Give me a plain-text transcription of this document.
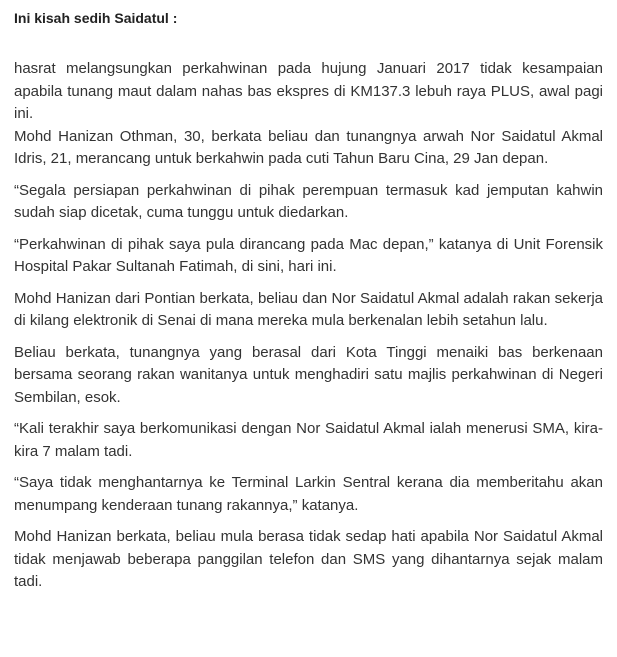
Ini kisah sedih Saidatul :

hasrat melangsungkan perkahwinan pada hujung Januari 2017 tidak kesampaian apabila tunang maut dalam nahas bas ekspres di KM137.3 lebuh raya PLUS, awal pagi ini.

Mohd Hanizan Othman, 30, berkata beliau dan tunangnya arwah Nor Saidatul Akmal Idris, 21, merancang untuk berkahwin pada cuti Tahun Baru Cina, 29 Jan depan.

“Segala persiapan perkahwinan di pihak perempuan termasuk kad jemputan kahwin sudah siap dicetak, cuma tunggu untuk diedarkan.

“Perkahwinan di pihak saya pula dirancang pada Mac depan,” katanya di Unit Forensik Hospital Pakar Sultanah Fatimah, di sini, hari ini.

Mohd Hanizan dari Pontian berkata, beliau dan Nor Saidatul Akmal adalah rakan sekerja di kilang elektronik di Senai di mana mereka mula berkenalan lebih setahun lalu.

Beliau berkata, tunangnya yang berasal dari Kota Tinggi menaiki bas berkenaan bersama seorang rakan wanitanya untuk menghadiri satu majlis perkahwinan di Negeri Sembilan, esok.

“Kali terakhir saya berkomunikasi dengan Nor Saidatul Akmal ialah menerusi SMA, kira-kira 7 malam tadi.

“Saya tidak menghantarnya ke Terminal Larkin Sentral kerana dia memberitahu akan menumpang kenderaan tunang rakannya,” katanya.

Mohd Hanizan berkata, beliau mula berasa tidak sedap hati apabila Nor Saidatul Akmal tidak menjawab beberapa panggilan telefon dan SMS yang dihantarnya sejak malam tadi.
